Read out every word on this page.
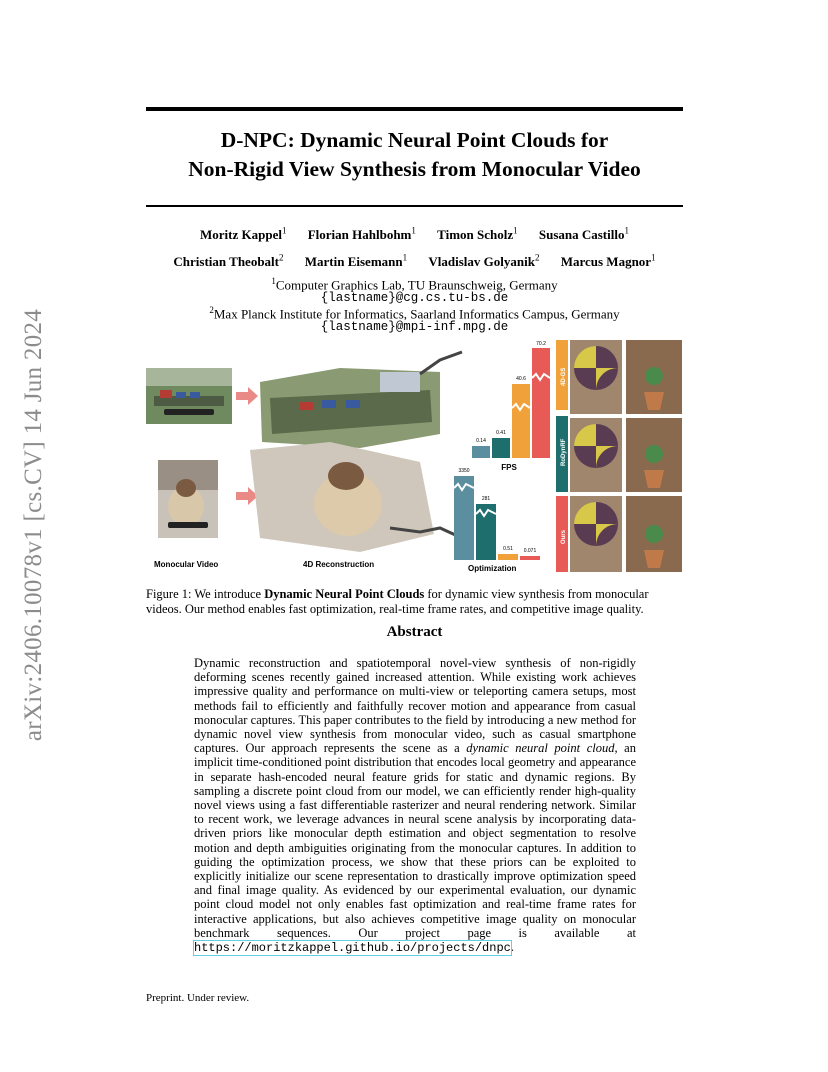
arXiv:2406.10078v1 [cs.CV] 14 Jun 2024
D-NPC: Dynamic Neural Point Clouds for
Non-Rigid View Synthesis from Monocular Video
Moritz Kappel$^1$ Florian Hahlbohm$^1$ Timon Scholz$^1$ Susana Castillo$^1$
Christian Theobalt$^2$ Martin Eisemann$^1$ Vladislav Golyanik$^2$ Marcus Magnor$^1$
$^1$Computer Graphics Lab, TU Braunschweig, Germany
{lastname}@cg.cs.tu-bs.de
$^2$Max Planck Institute for Informatics, Saarland Informatics Campus, Germany
{lastname}@mpi-inf.mpg.de
0.14
0.41
40.6
70.2
FPS
3350
281
0.51 0.071
4D-GS
RoDynRF
Ours
Monocular Video	4D Reconstruction	Optimization
Figure 1: We introduce Dynamic Neural Point Clouds for dynamic view synthesis from monocular videos. Our method enables fast optimization, real-time frame rates, and competitive image quality.
Abstract
Dynamic reconstruction and spatiotemporal novel-view synthesis of non-rigidly deforming scenes recently gained increased attention. While existing work achieves impressive quality and performance on multi-view or teleporting camera setups, most methods fail to efficiently and faithfully recover motion and appearance from casual monocular captures. This paper contributes to the field by introducing a new method for dynamic novel view synthesis from monocular video, such as casual smartphone captures. Our approach represents the scene as a dynamic neural point cloud, an implicit time-conditioned point distribution that encodes local geometry and appearance in separate hash-encoded neural feature grids for static and dynamic regions. By sampling a discrete point cloud from our model, we can efficiently render high-quality novel views using a fast differentiable rasterizer and neural rendering network. Similar to recent work, we leverage advances in neural scene analysis by incorporating data-driven priors like monocular depth estimation and object segmentation to resolve motion and depth ambiguities originating from the monocular captures. In addition to guiding the optimization process, we show that these priors can be exploited to explicitly initialize our scene representation to drastically improve optimization speed and final image quality. As evidenced by our experimental evaluation, our dynamic point cloud model not only enables fast optimization and real-time frame rates for interactive applications, but also achieves competitive image quality on monocular benchmark sequences. Our project page is available at https://moritzkappel.github.io/projects/dnpc.
Preprint. Under review.
